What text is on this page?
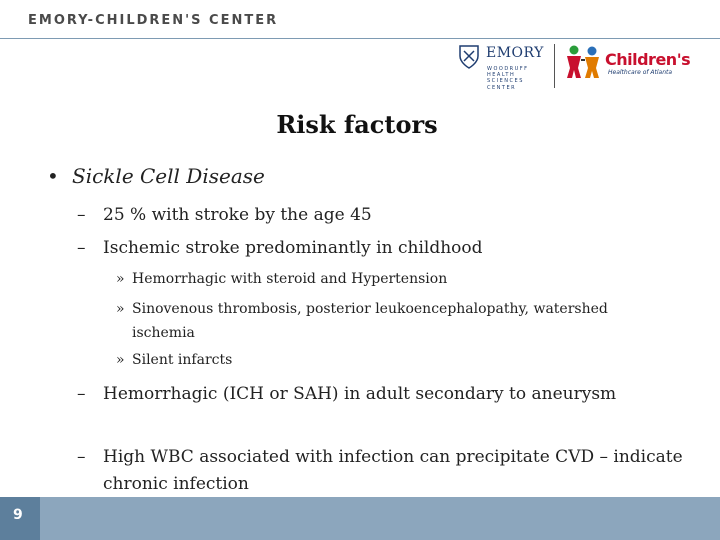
EMORY-CHILDREN'S CENTER
EMORY
WOODRUFF
HEALTH
SCIENCES
CENTER
Children's
Healthcare of Atlanta
Risk factors
• Sickle Cell Disease
– 25 % with stroke by the age 45
– Ischemic stroke predominantly in childhood
» Hemorrhagic with steroid and Hypertension
» Sinovenous thrombosis, posterior leukoencephalopathy, watershed ischemia
» Silent infarcts
– Hemorrhagic (ICH or SAH) in adult secondary to aneurysm
– High WBC associated with infection can precipitate CVD – indicate chronic infection
9
